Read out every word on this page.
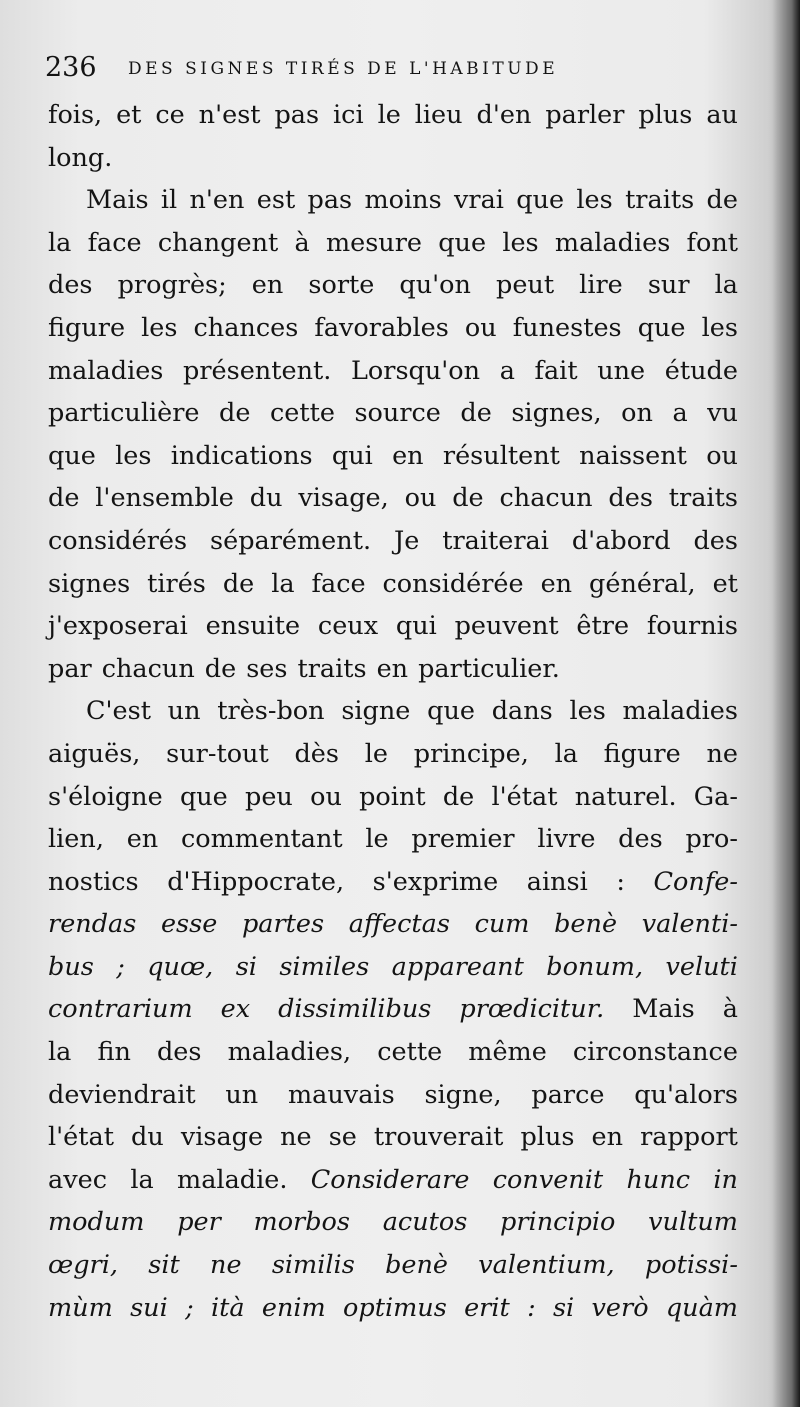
236 DES SIGNES TIRÉS DE L'HABITUDE
fois, et ce n'est pas ici le lieu d'en parler plus au
long.
Mais il n'en est pas moins vrai que les traits de
la face changent à mesure que les maladies font
des progrès; en sorte qu'on peut lire sur la
figure les chances favorables ou funestes que les
maladies présentent. Lorsqu'on a fait une étude
particulière de cette source de signes, on a vu
que les indications qui en résultent naissent ou
de l'ensemble du visage, ou de chacun des traits
considérés séparément. Je traiterai d'abord des
signes tirés de la face considérée en général, et
j'exposerai ensuite ceux qui peuvent être fournis
par chacun de ses traits en particulier.
C'est un très-bon signe que dans les maladies
aiguës, sur-tout dès le principe, la figure ne
s'éloigne que peu ou point de l'état naturel. Ga-
lien, en commentant le premier livre des pro-
nostics d'Hippocrate, s'exprime ainsi : Confe-
rendas esse partes affectas cum benè valenti-
bus ; quœ, si similes appareant bonum, veluti
contrarium ex dissimilibus prœdicitur. Mais à
la fin des maladies, cette même circonstance
deviendrait un mauvais signe, parce qu'alors
l'état du visage ne se trouverait plus en rapport
avec la maladie. Considerare convenit hunc in
modum per morbos acutos principio vultum
œgri, sit ne similis benè valentium, potissi-
mùm sui ; ità enim optimus erit : si verò quàm
